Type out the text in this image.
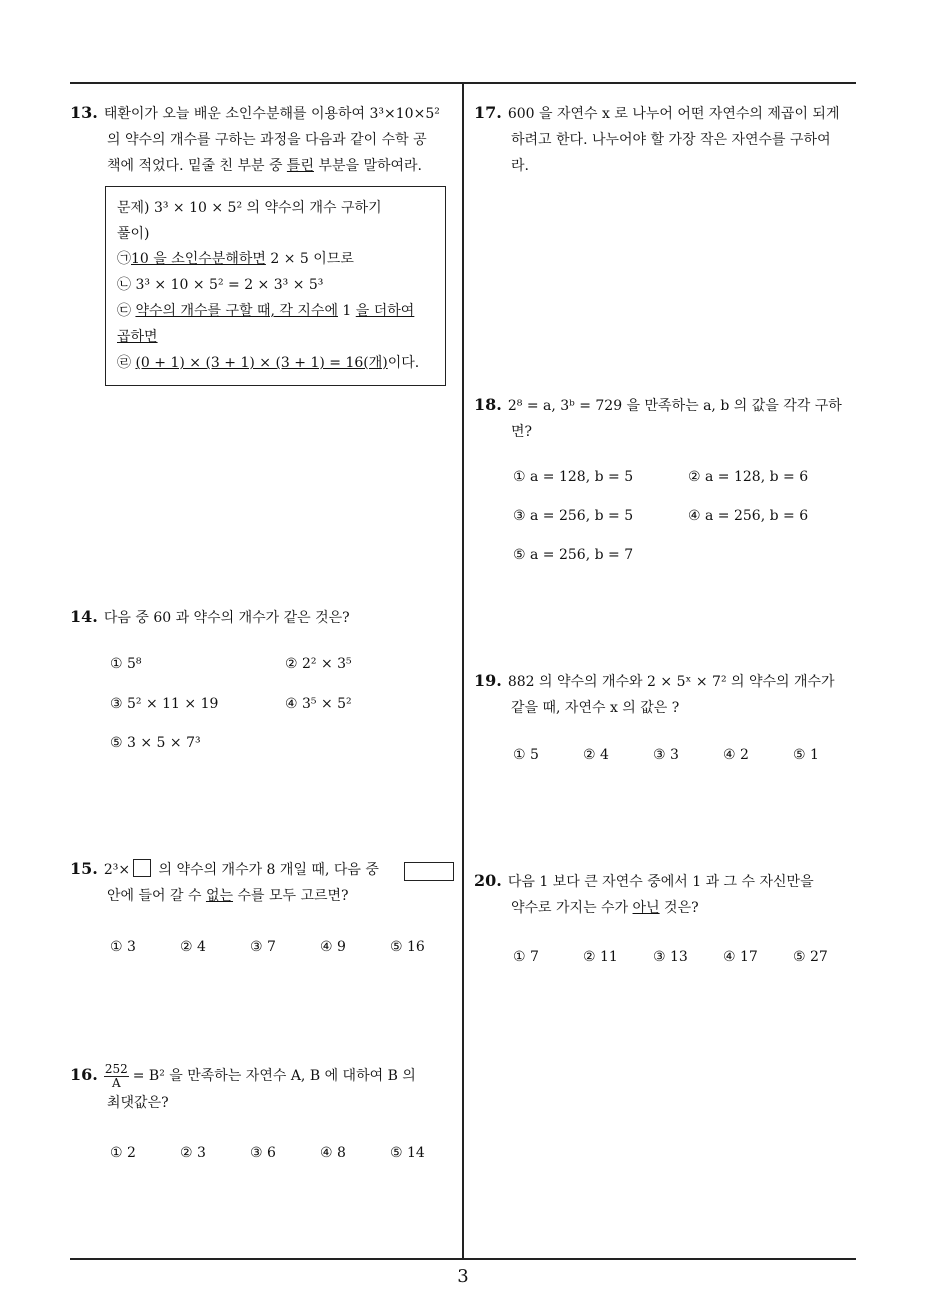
13. 태환이가 오늘 배운 소인수분해를 이용하여 3³×10×5²
의 약수의 개수를 구하는 과정을 다음과 같이 수학 공
책에 적었다. 밑줄 친 부분 중 틀린 부분을 말하여라.
문제) 3³ × 10 × 5² 의 약수의 개수 구하기
풀이)
㉠10 을 소인수분해하면 2 × 5 이므로
㉡ 3³ × 10 × 5² = 2 × 3³ × 5³
㉢ 약수의 개수를 구할 때, 각 지수에 1 을 더하여
곱하면
㉣ (0 + 1) × (3 + 1) × (3 + 1) = 16(개)이다.
14. 다음 중 60 과 약수의 개수가 같은 것은?
① 5⁸	② 2² × 3⁵
③ 5² × 11 × 19	④ 3⁵ × 5²
⑤ 3 × 5 × 7³
15. 2³× 의 약수의 개수가 8 개일 때, 다음 중
안에 들어 갈 수 없는 수를 모두 고르면?
① 3	② 4	③ 7	④ 9	⑤ 16
16. $\frac{252}{A} = B^2$ 을 만족하는 자연수 A, B 에 대하여 B 의
최댓값은?
① 2	② 3	③ 6	④ 8	⑤ 14
17. 600 을 자연수 x 로 나누어 어떤 자연수의 제곱이 되게
하려고 한다. 나누어야 할 가장 작은 자연수를 구하여
라.
18. 2⁸ = a, 3ᵇ = 729 을 만족하는 a, b 의 값을 각각 구하
면?
① a = 128, b = 5	② a = 128, b = 6
③ a = 256, b = 5	④ a = 256, b = 6
⑤ a = 256, b = 7
19. 882 의 약수의 개수와 2 × 5ˣ × 7² 의 약수의 개수가
같을 때, 자연수 x 의 값은 ?
① 5	② 4	③ 3	④ 2	⑤ 1
20. 다음 1 보다 큰 자연수 중에서 1 과 그 수 자신만을
약수로 가지는 수가 아닌 것은?
① 7	② 11	③ 13	④ 17	⑤ 27
3
